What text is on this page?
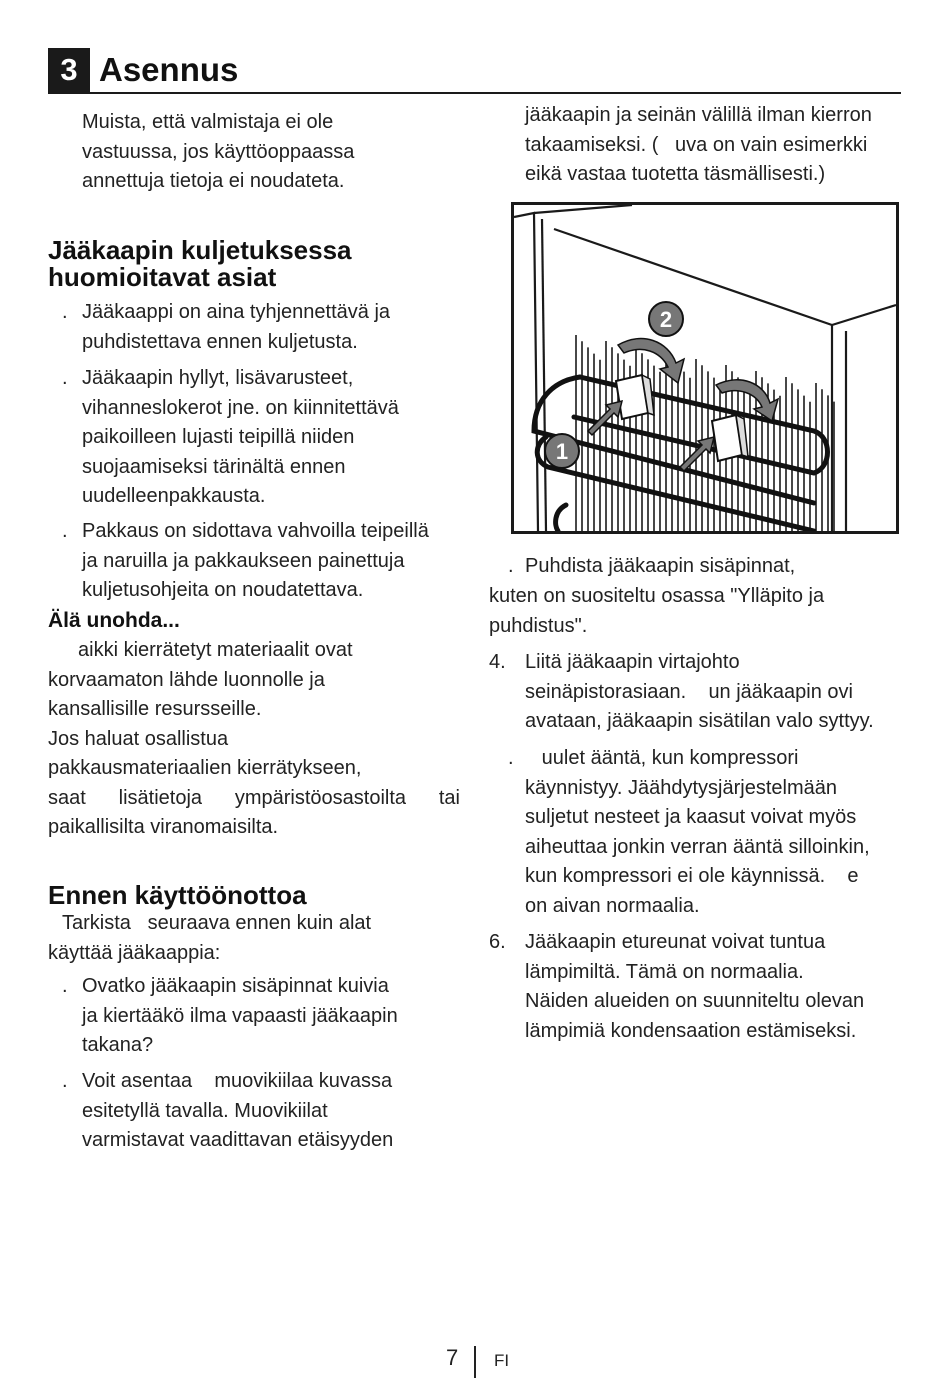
3 Asennus
Muista, että valmistaja ei ole
vastuussa, jos käyttöoppaassa
annettuja tietoja ei noudateta.
Jääkaapin kuljetuksessa
huomioitavat asiat
. Jääkaappi on aina tyhjennettävä ja
puhdistettava ennen kuljetusta.
. Jääkaapin hyllyt, lisävarusteet,
vihanneslokerot jne. on kiinnitettävä
paikoilleen lujasti teipillä niiden
suojaamiseksi tärinältä ennen
uudelleenpakkausta.
. Pakkaus on sidottava vahvoilla teipeillä
ja naruilla ja pakkaukseen painettuja
kuljetusohjeita on noudatettava.
Älä unohda...
aikki kierrätetyt materiaalit ovat
korvaamaton lähde luonnolle ja
kansallisille resursseille.
Jos haluat osallistua
pakkausmateriaalien kierrätykseen,
saat lisätietoja ympäristöosastoilta tai
paikallisilta viranomaisilta.
Ennen käyttöönottoa
Tarkista   seuraava ennen kuin alat
käyttää jääkaappia:
. Ovatko jääkaapin sisäpinnat kuivia
ja kiertääkö ilma vapaasti jääkaapin
takana?
. Voit asentaa    muovikiilaa kuvassa
esitetyllä tavalla. Muovikiilat
varmistavat vaadittavan etäisyyden
jääkaapin ja seinän välillä ilman kierron
takaamiseksi. (   uva on vain esimerkki
eikä vastaa tuotetta täsmällisesti.)
1
2
. Puhdista jääkaapin sisäpinnat,
kuten on suositeltu osassa "Ylläpito ja
puhdistus".
4. Liitä jääkaapin virtajohto
seinäpistorasiaan.    un jääkaapin ovi
avataan, jääkaapin sisätilan valo syttyy.
.	uulet ääntä, kun kompressori
käynnistyy. Jäähdytysjärjestelmään
suljetut nesteet ja kaasut voivat myös
aiheuttaa jonkin verran ääntä silloinkin,
kun kompressori ei ole käynnissä.    e
on aivan normaalia.
6. Jääkaapin etureunat voivat tuntua
lämpimiltä. Tämä on normaalia.
Näiden alueiden on suunniteltu olevan
lämpimiä kondensaation estämiseksi.
7 FI
